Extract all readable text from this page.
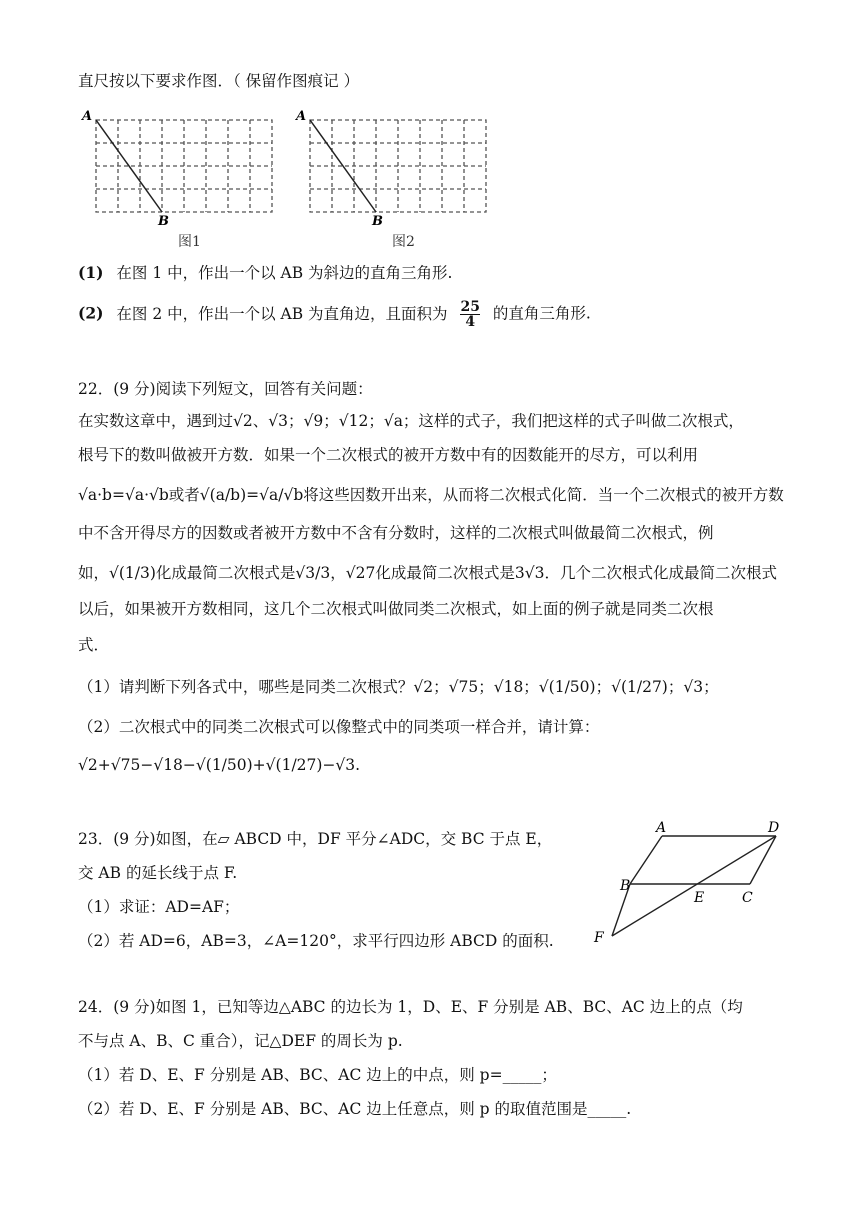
直尺按以下要求作图．（ 保留作图痕记 ）
A
B
图1
A
B
图2
(1) 在图 1 中，作出一个以 AB 为斜边的直角三角形.
(2) 在图 2 中，作出一个以 AB 为直角边，且面积为 $\frac{25}{4}$ 的直角三角形.
22．(9 分)阅读下列短文，回答有关问题：
在实数这章中，遇到过√2、√3；√9；√12；√a；这样的式子，我们把这样的式子叫做二次根式，
根号下的数叫做被开方数．如果一个二次根式的被开方数中有的因数能开的尽方，可以利用
√a·b=√a·√b或者√(a/b)=√a/√b将这些因数开出来，从而将二次根式化简．当一个二次根式的被开方数
中不含开得尽方的因数或者被开方数中不含有分数时，这样的二次根式叫做最简二次根式，例
如，√(1/3)化成最简二次根式是√3/3，√27化成最简二次根式是3√3．几个二次根式化成最简二次根式
以后，如果被开方数相同，这几个二次根式叫做同类二次根式，如上面的例子就是同类二次根
式．
（1）请判断下列各式中，哪些是同类二次根式？√2；√75；√18；√(1/50)；√(1/27)；√3；
（2）二次根式中的同类二次根式可以像整式中的同类项一样合并，请计算：
√2+√75−√18−√(1/50)+√(1/27)−√3.
23．(9 分)如图，在▱ ABCD 中，DF 平分∠ADC，交 BC 于点 E，
交 AB 的延长线于点 F.
（1）求证：AD=AF；
（2）若 AD=6，AB=3，∠A=120°，求平行四边形 ABCD 的面积.
A	D
B
E	C
F
24．(9 分)如图 1，已知等边△ABC 的边长为 1，D、E、F 分别是 AB、BC、AC 边上的点（均
不与点 A、B、C 重合），记△DEF 的周长为 p.
（1）若 D、E、F 分别是 AB、BC、AC 边上的中点，则 p=_____；
（2）若 D、E、F 分别是 AB、BC、AC 边上任意点，则 p 的取值范围是_____.
